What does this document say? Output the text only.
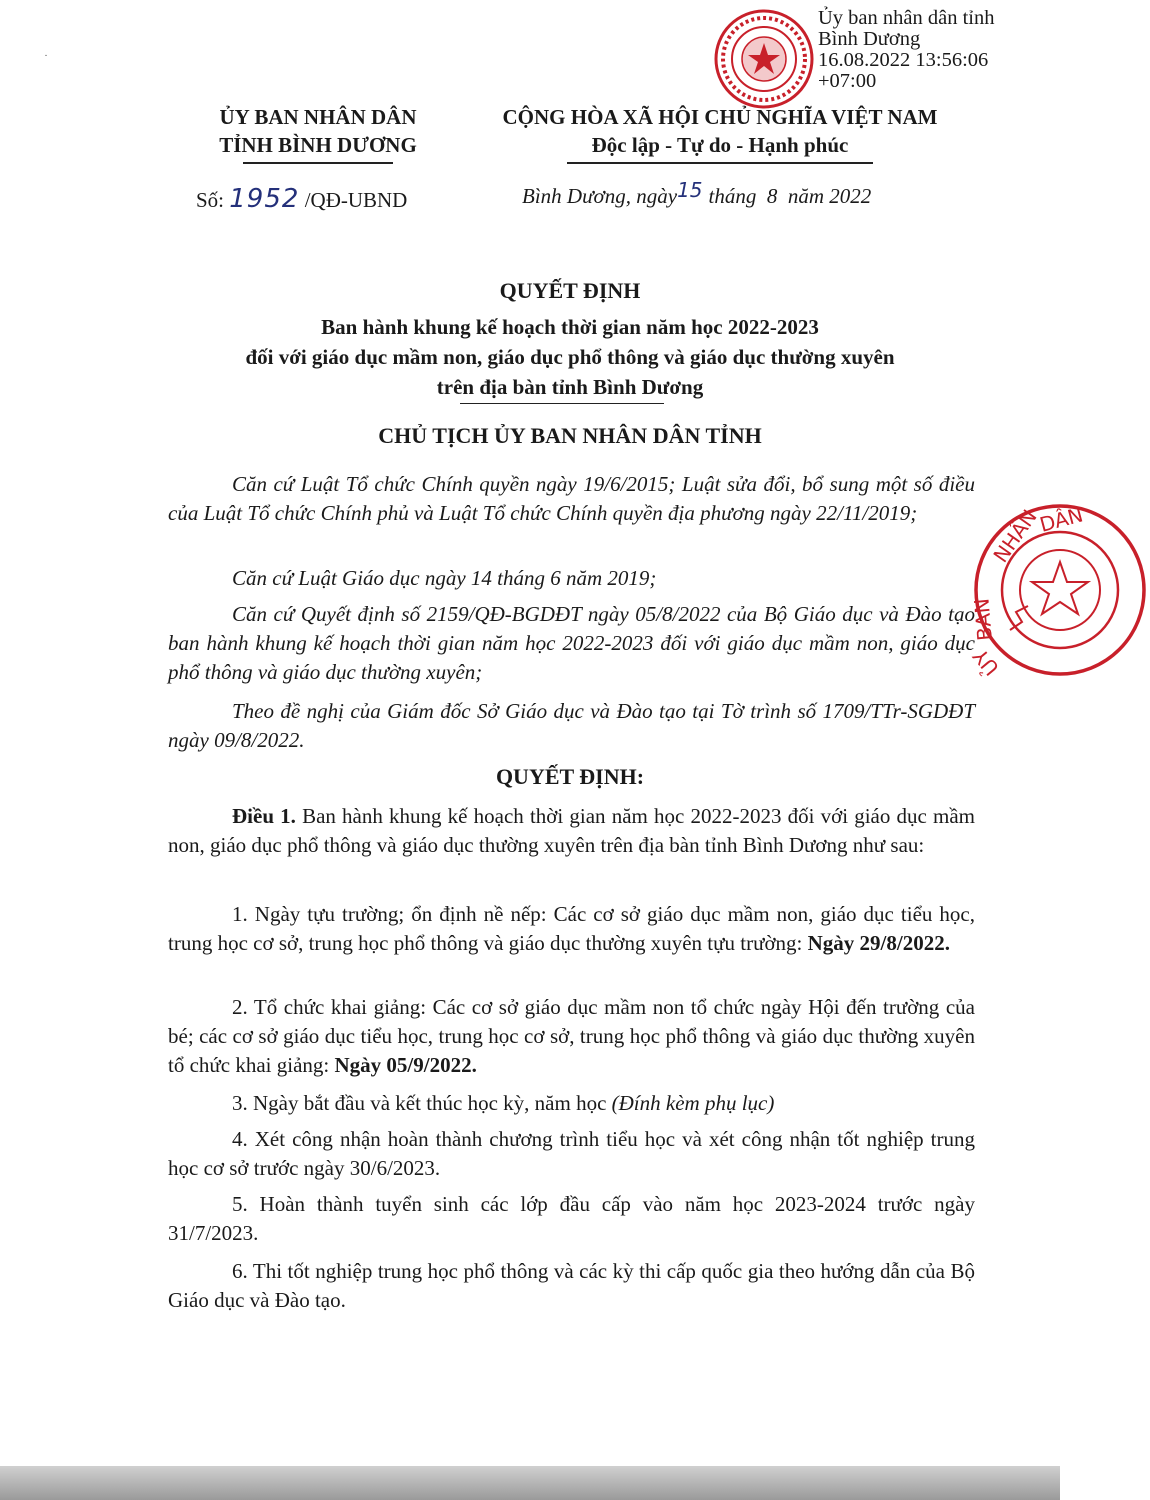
Ủy ban nhân dân tỉnh
Bình Dương
16.08.2022 13:56:06
+07:00
ỦY BAN NHÂN DÂN
TỈNH BÌNH DƯƠNG
CỘNG HÒA XÃ HỘI CHỦ NGHĨA VIỆT NAM
Độc lập - Tự do - Hạnh phúc
Số: 1952 /QĐ-UBND	Bình Dương, ngày15 tháng  8  năm 2022
QUYẾT ĐỊNH
Ban hành khung kế hoạch thời gian năm học 2022-2023
đối với giáo dục mầm non, giáo dục phổ thông và giáo dục thường xuyên
trên địa bàn tỉnh Bình Dương
CHỦ TỊCH ỦY BAN NHÂN DÂN TỈNH
Căn cứ Luật Tổ chức Chính quyền ngày 19/6/2015; Luật sửa đổi, bổ sung một số điều của Luật Tổ chức Chính phủ và Luật Tổ chức Chính quyền địa phương ngày 22/11/2019;
Căn cứ Luật Giáo dục ngày 14 tháng 6 năm 2019;
Căn cứ Quyết định số 2159/QĐ-BGDĐT ngày 05/8/2022 của Bộ Giáo dục và Đào tạo ban hành khung kế hoạch thời gian năm học 2022-2023 đối với giáo dục mầm non, giáo dục phổ thông và giáo dục thường xuyên;
Theo đề nghị của Giám đốc Sở Giáo dục và Đào tạo tại Tờ trình số 1709/TTr-SGDĐT ngày 09/8/2022.
NHÂN
DÂN
BAN
ỦY
QUYẾT ĐỊNH:
Điều 1. Ban hành khung kế hoạch thời gian năm học 2022-2023 đối với giáo dục mầm non, giáo dục phổ thông và giáo dục thường xuyên trên địa bàn tỉnh Bình Dương như sau:
1. Ngày tựu trường; ổn định nề nếp: Các cơ sở giáo dục mầm non, giáo dục tiểu học, trung học cơ sở, trung học phổ thông và giáo dục thường xuyên tựu trường: Ngày 29/8/2022.
2. Tổ chức khai giảng: Các cơ sở giáo dục mầm non tổ chức ngày Hội đến trường của bé; các cơ sở giáo dục tiểu học, trung học cơ sở, trung học phổ thông và giáo dục thường xuyên tổ chức khai giảng: Ngày 05/9/2022.
3. Ngày bắt đầu và kết thúc học kỳ, năm học (Đính kèm phụ lục)
4. Xét công nhận hoàn thành chương trình tiểu học và xét công nhận tốt nghiệp trung học cơ sở trước ngày 30/6/2023.
5. Hoàn thành tuyển sinh các lớp đầu cấp vào năm học 2023-2024 trước ngày 31/7/2023.
6. Thi tốt nghiệp trung học phổ thông và các kỳ thi cấp quốc gia theo hướng dẫn của Bộ Giáo dục và Đào tạo.
